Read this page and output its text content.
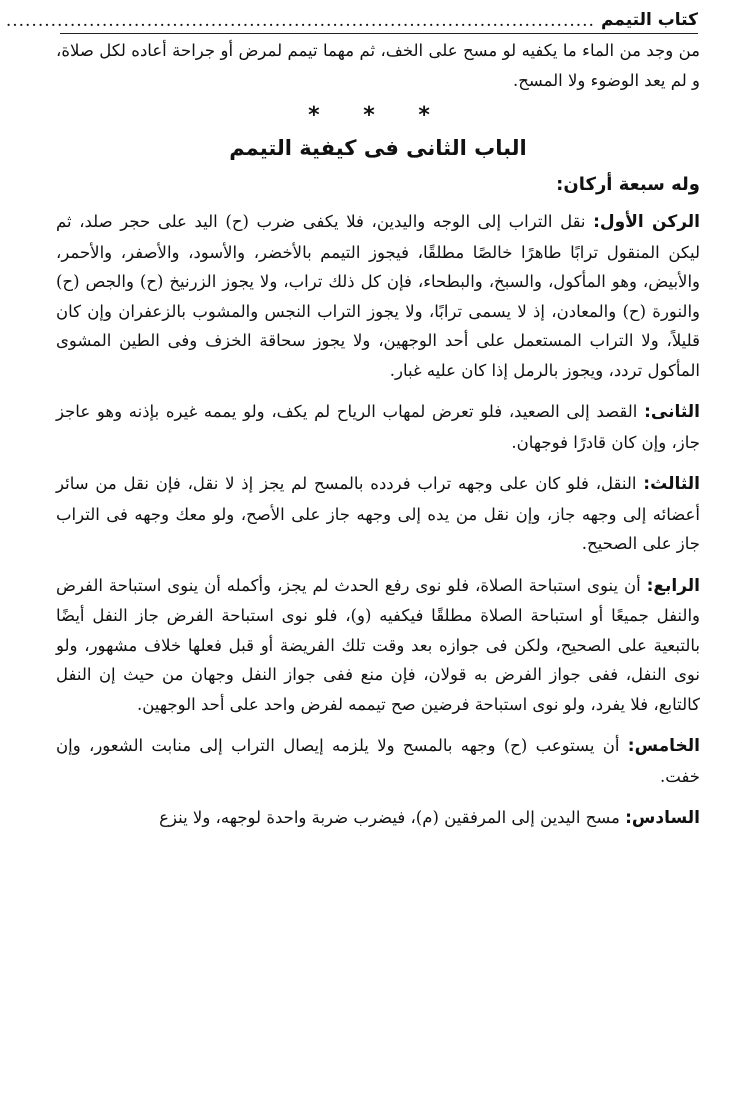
كتاب التيمم
............................................................................................

من وجد من الماء ما يكفيه لو مسح على الخف، ثم مهما تيمم لمرض أو جراحة أعاده لكل صلاة، و لم يعد الوضوء ولا المسح.

* * *
الباب الثانى فى كيفية التيمم
وله سبعة أركان:

الركن الأول: نقل التراب إلى الوجه واليدين، فلا يكفى ضرب (ح) اليد على حجر صلد، ثم ليكن المنقول ترابًا طاهرًا خالصًا مطلقًا، فيجوز التيمم بالأخضر، والأسود، والأصفر، والأحمر، والأبيض، وهو المأكول، والسبخ، والبطحاء، فإن كل ذلك تراب، ولا يجوز الزرنيخ (ح) والجص (ح) والنورة (ح) والمعادن، إذ لا يسمى ترابًا، ولا يجوز التراب النجس والمشوب بالزعفران وإن كان قليلاً، ولا التراب المستعمل على أحد الوجهين، ولا يجوز سحاقة الخزف وفى الطين المشوى المأكول تردد، ويجوز بالرمل إذا كان عليه غبار.

الثانى: القصد إلى الصعيد، فلو تعرض لمهاب الرياح لم يكف، ولو يممه غيره بإذنه وهو عاجز جاز، وإن كان قادرًا فوجهان.

الثالث: النقل، فلو كان على وجهه تراب فردده بالمسح لم يجز إذ لا نقل، فإن نقل من سائر أعضائه إلى وجهه جاز، وإن نقل من يده إلى وجهه جاز على الأصح، ولو معك وجهه فى التراب جاز على الصحيح.

الرابع: أن ينوى استباحة الصلاة، فلو نوى رفع الحدث لم يجز، وأكمله أن ينوى استباحة الفرض والنفل جميعًا أو استباحة الصلاة مطلقًا فيكفيه (و)، فلو نوى استباحة الفرض جاز النفل أيضًا بالتبعية على الصحيح، ولكن فى جوازه بعد وقت تلك الفريضة أو قبل فعلها خلاف مشهور، ولو نوى النفل، ففى جواز الفرض به قولان، فإن منع ففى جواز النفل وجهان من حيث إن النفل كالتابع، فلا يفرد، ولو نوى استباحة فرضين صح تيممه لفرض واحد على أحد الوجهين.

الخامس: أن يستوعب (ح) وجهه بالمسح ولا يلزمه إيصال التراب إلى منابت الشعور، وإن خفت.

السادس: مسح اليدين إلى المرفقين (م)، فيضرب ضربة واحدة لوجهه، ولا ينزع
